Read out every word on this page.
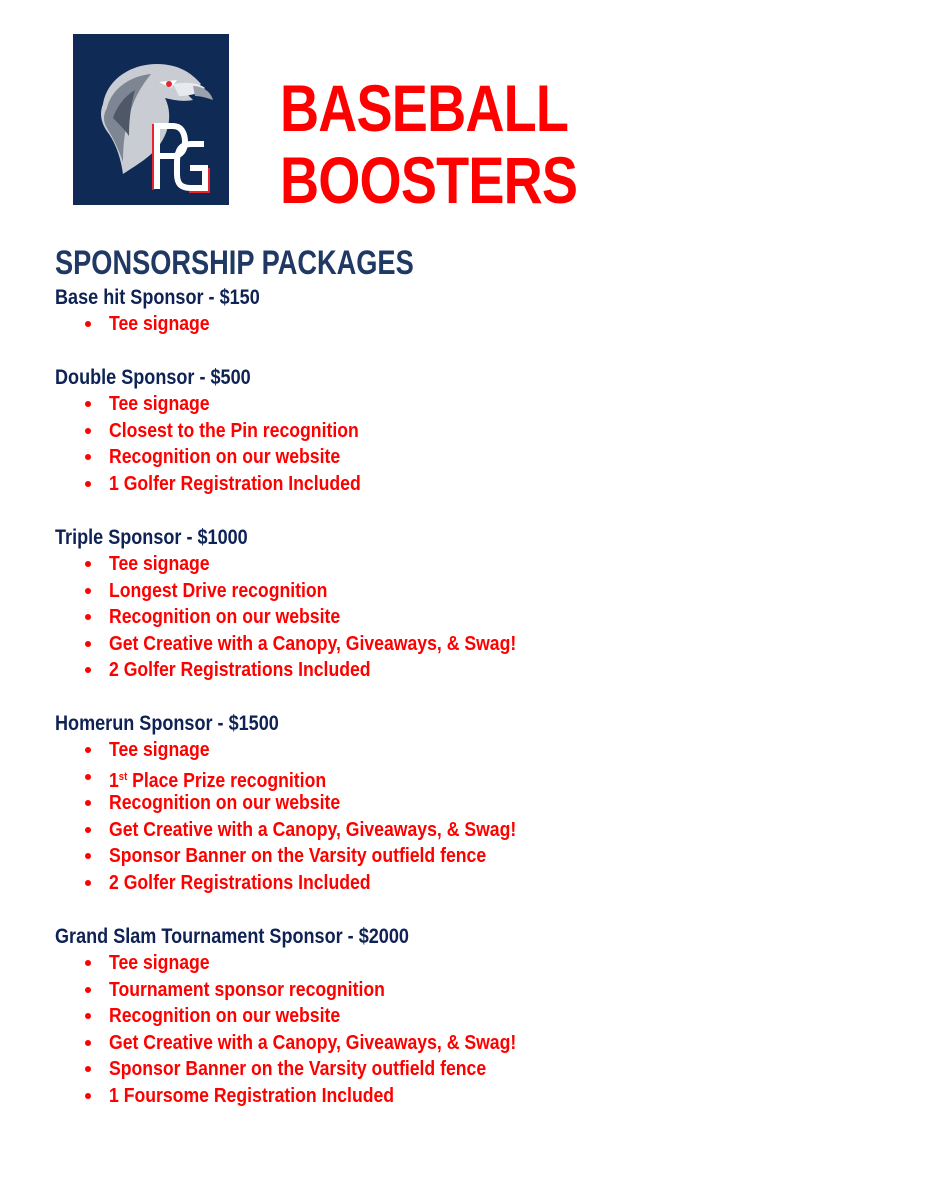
BASEBALL
BOOSTERS
SPONSORSHIP PACKAGES
Base hit Sponsor - $150
Tee signage
Double Sponsor - $500
Tee signage
Closest to the Pin recognition
Recognition on our website
1 Golfer Registration Included
Triple Sponsor - $1000
Tee signage
Longest Drive recognition
Recognition on our website
Get Creative with a Canopy, Giveaways, & Swag!
2 Golfer Registrations Included
Homerun Sponsor - $1500
Tee signage
1st Place Prize recognition
Recognition on our website
Get Creative with a Canopy, Giveaways, & Swag!
Sponsor Banner on the Varsity outfield fence
2 Golfer Registrations Included
Grand Slam Tournament Sponsor - $2000
Tee signage
Tournament sponsor recognition
Recognition on our website
Get Creative with a Canopy, Giveaways, & Swag!
Sponsor Banner on the Varsity outfield fence
1 Foursome Registration Included
